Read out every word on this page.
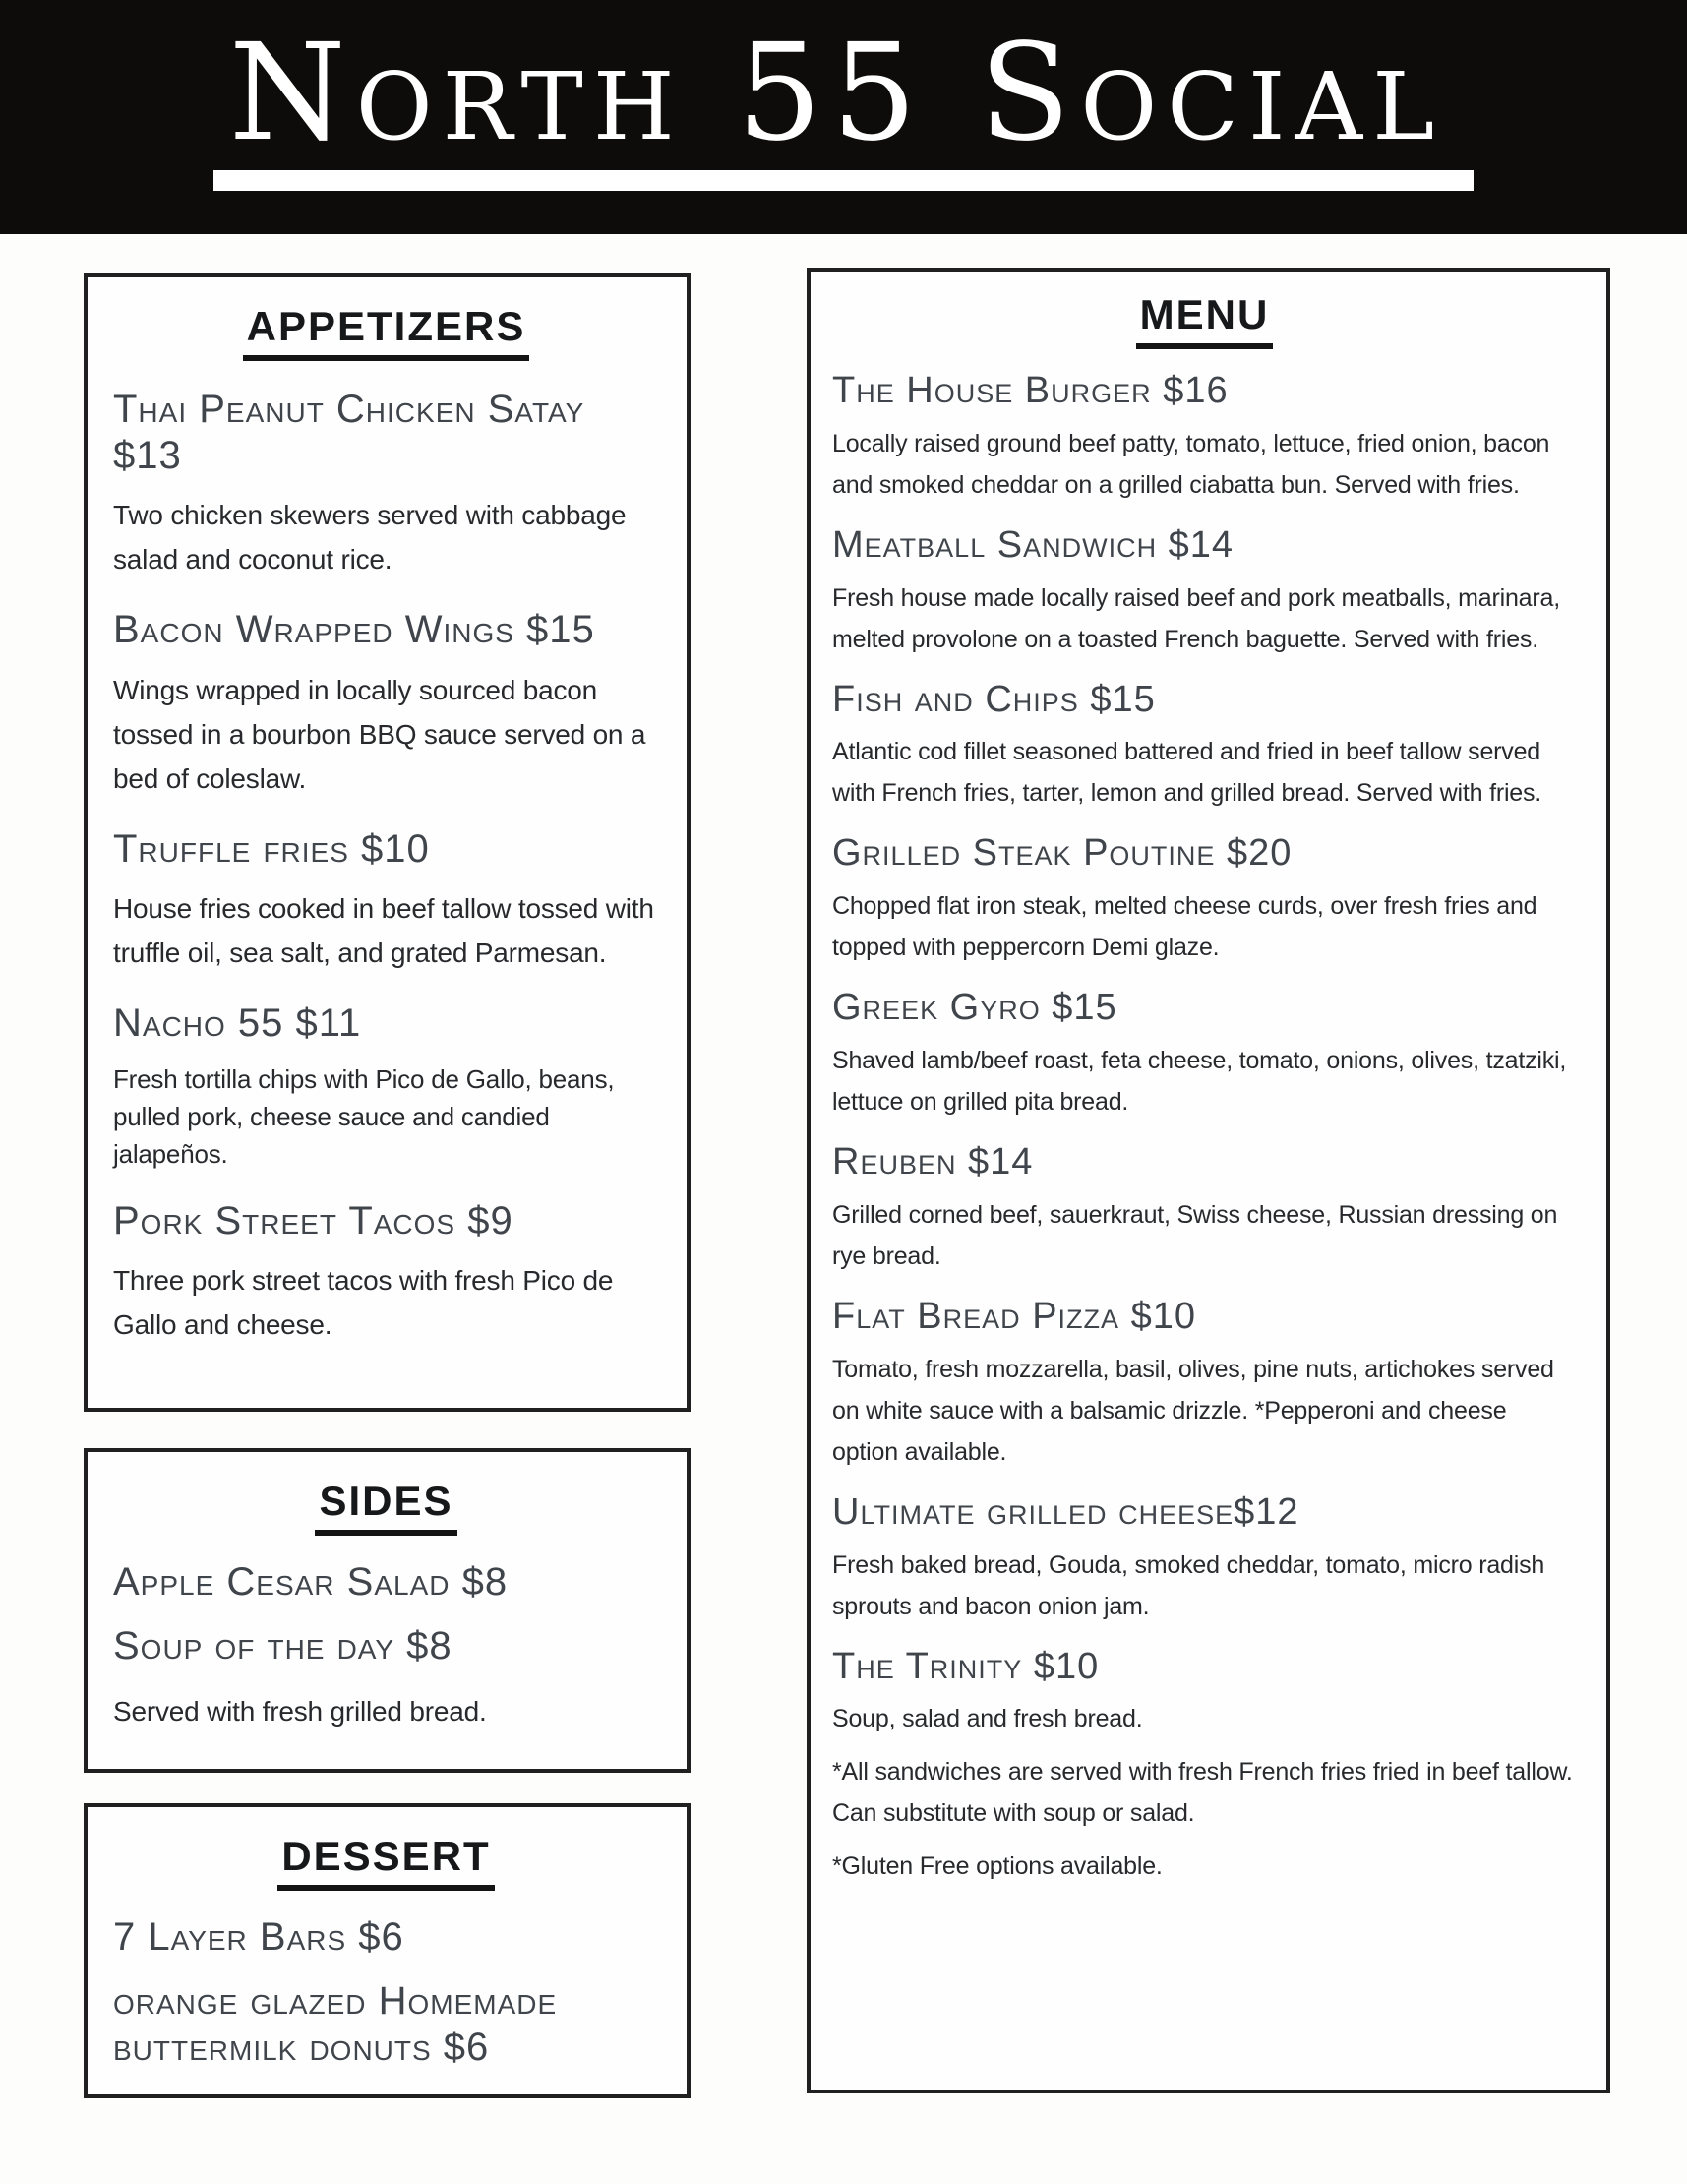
North 55 Social
APPETIZERS
Thai Peanut Chicken Satay $13
Two chicken skewers served with cabbage salad and coconut rice.
Bacon Wrapped Wings $15
Wings wrapped in locally sourced bacon tossed in a bourbon BBQ sauce served on a bed of coleslaw.
Truffle fries $10
House fries cooked in beef tallow tossed with truffle oil, sea salt, and grated Parmesan.
Nacho 55 $11
Fresh tortilla chips with Pico de Gallo, beans, pulled pork, cheese sauce and candied jalapeños.
Pork Street Tacos $9
Three pork street tacos with fresh Pico de Gallo and cheese.
SIDES
Apple Cesar Salad $8
Soup of the day $8
Served with fresh grilled bread.
DESSERT
7 Layer Bars $6
orange glazed Homemade buttermilk donuts $6
MENU
The House Burger $16
Locally raised ground beef patty, tomato, lettuce, fried onion, bacon and smoked cheddar on a grilled ciabatta bun. Served with fries.
Meatball Sandwich $14
Fresh house made locally raised beef and pork meatballs, marinara, melted provolone on a toasted French baguette. Served with fries.
Fish and Chips $15
Atlantic cod fillet seasoned battered and fried in beef tallow served with French fries, tarter, lemon and grilled bread. Served with fries.
Grilled Steak Poutine $20
Chopped flat iron steak, melted cheese curds, over fresh fries and topped with peppercorn Demi glaze.
Greek Gyro $15
Shaved lamb/beef roast, feta cheese, tomato, onions, olives, tzatziki, lettuce on grilled pita bread.
Reuben $14
Grilled corned beef, sauerkraut, Swiss cheese, Russian dressing on rye bread.
Flat Bread Pizza $10
Tomato, fresh mozzarella, basil, olives, pine nuts, artichokes served on white sauce with a balsamic drizzle. *Pepperoni and cheese option available.
Ultimate grilled cheese$12
Fresh baked bread, Gouda, smoked cheddar, tomato, micro radish sprouts and bacon onion jam.
The Trinity $10
Soup, salad and fresh bread.
*All sandwiches are served with fresh French fries fried in beef tallow. Can substitute with soup or salad.
*Gluten Free options available.
